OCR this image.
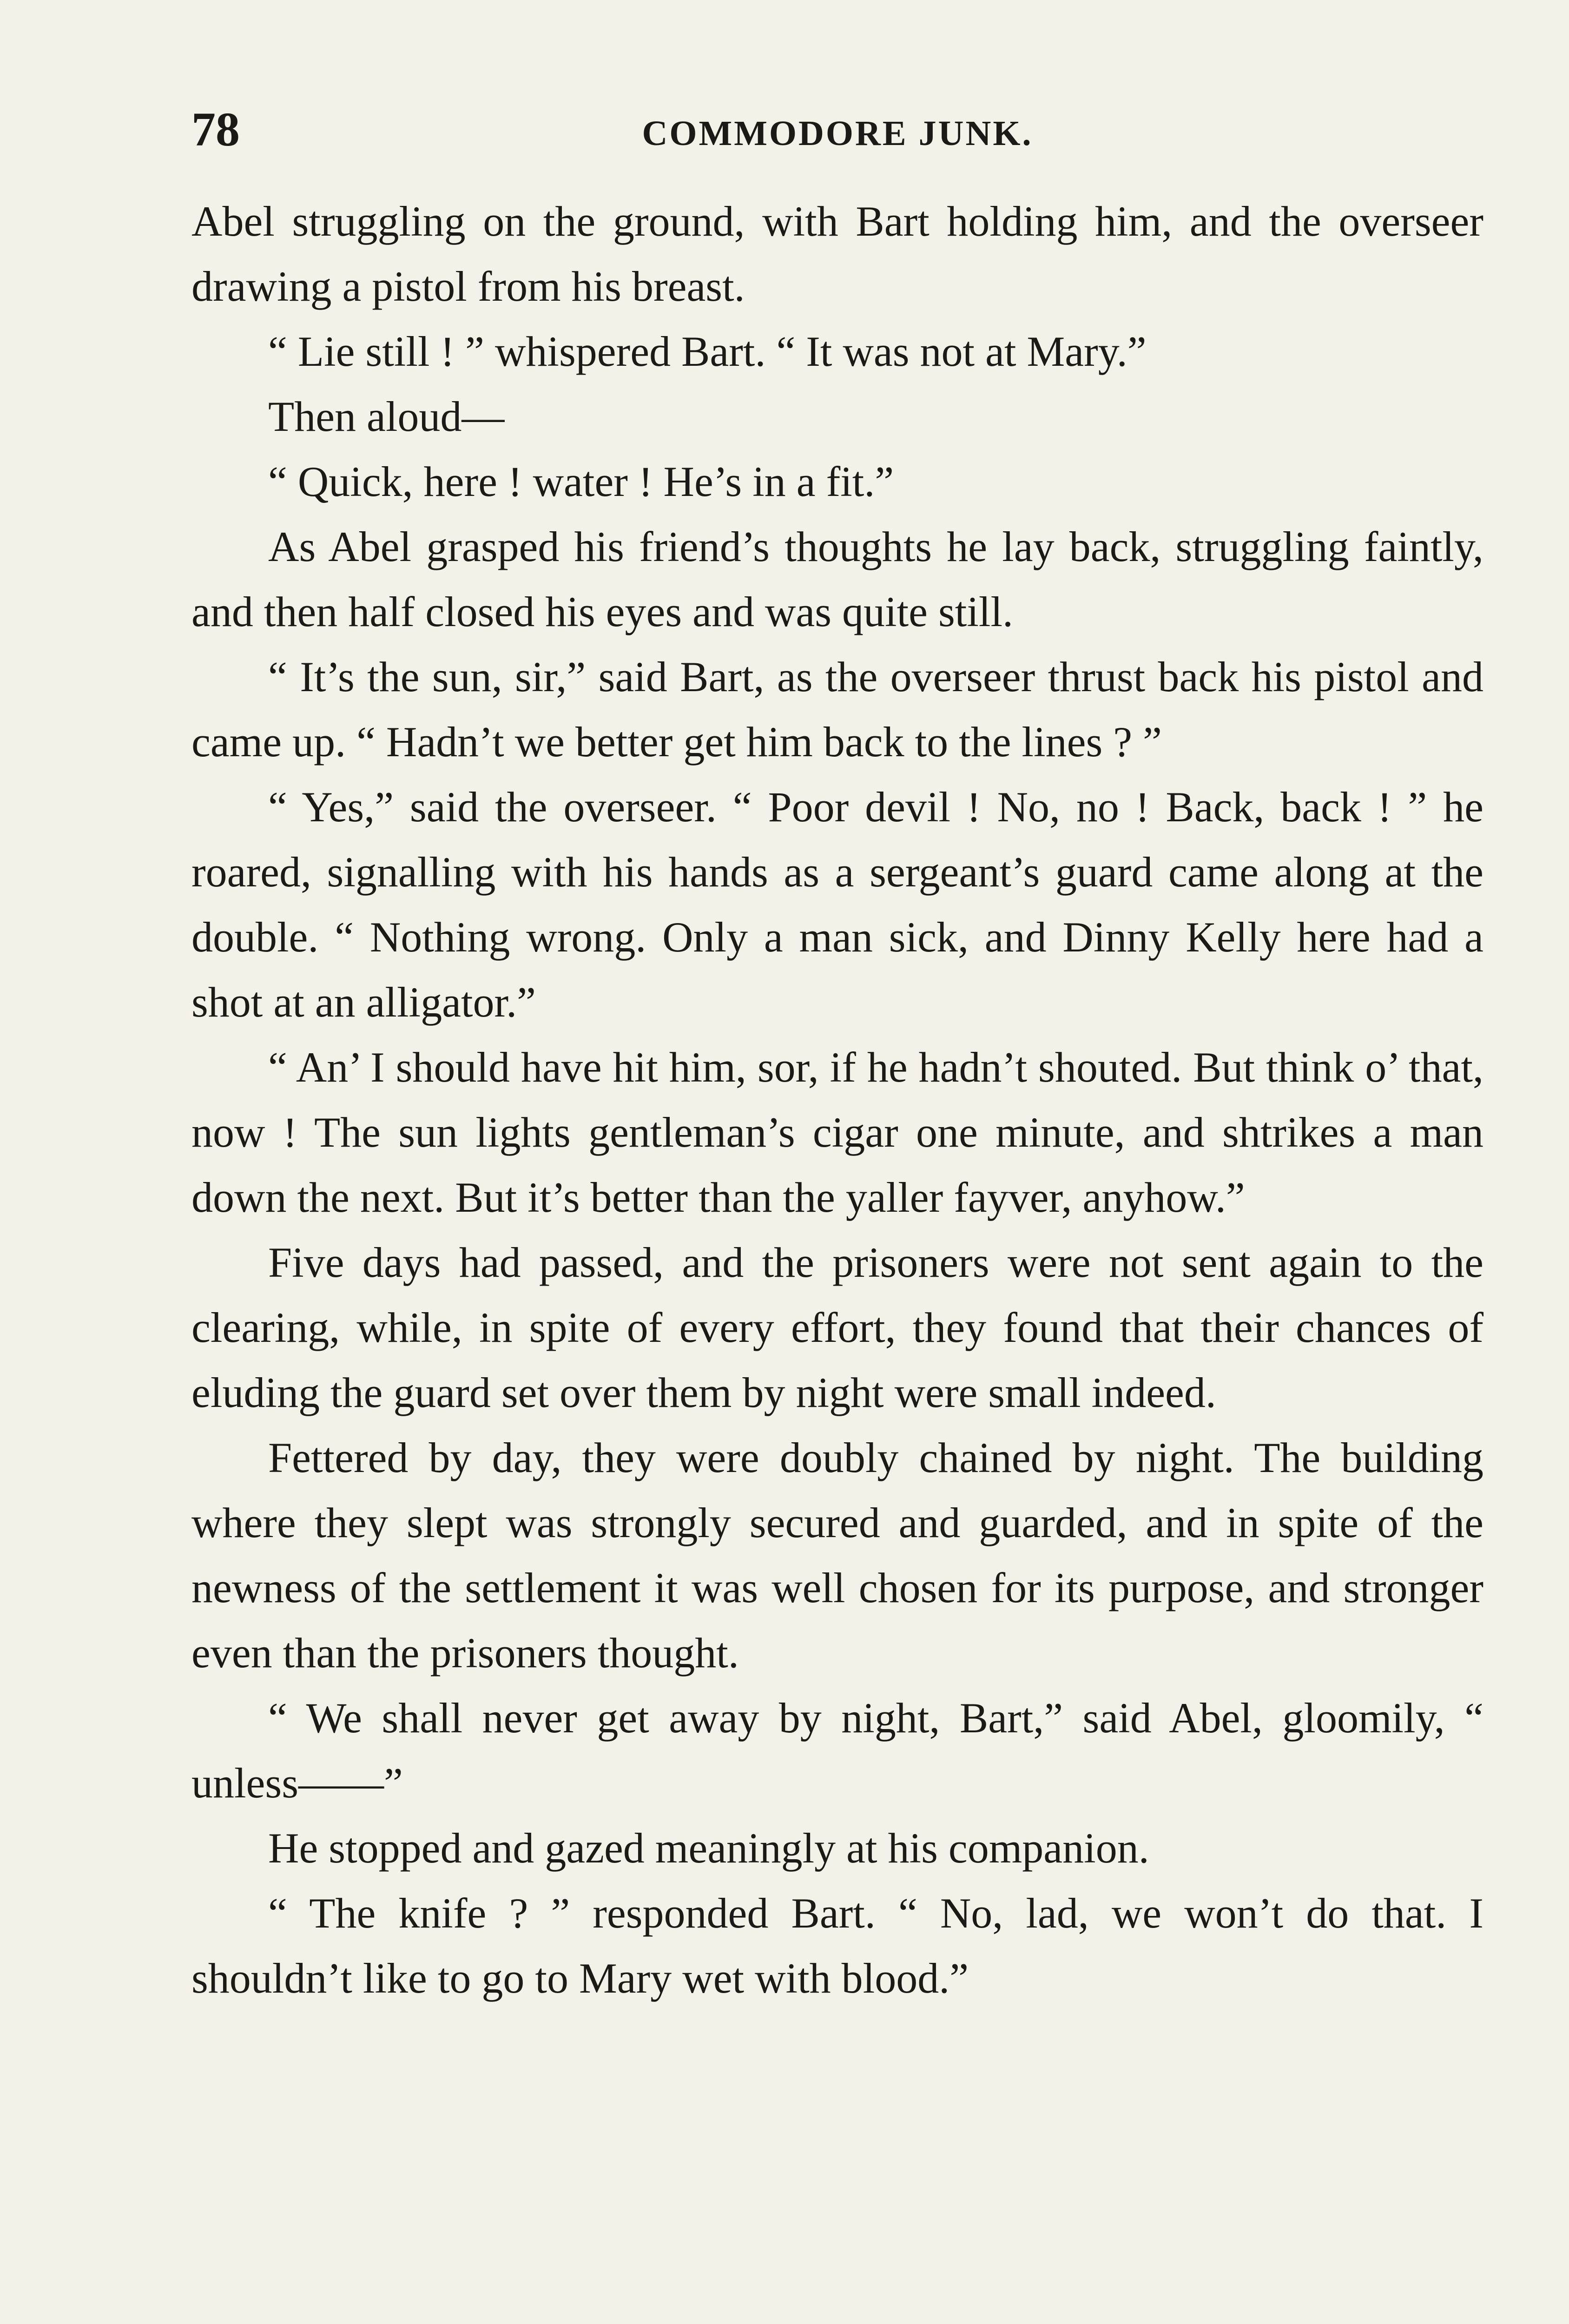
78	COMMODORE JUNK.

Abel struggling on the ground, with Bart holding him, and the overseer drawing a pistol from his breast.

“ Lie still ! ” whispered Bart. “ It was not at Mary.”

Then aloud—

“ Quick, here ! water ! He’s in a fit.”

As Abel grasped his friend’s thoughts he lay back, struggling faintly, and then half closed his eyes and was quite still.

“ It’s the sun, sir,” said Bart, as the overseer thrust back his pistol and came up. “ Hadn’t we better get him back to the lines ? ”

“ Yes,” said the overseer. “ Poor devil ! No, no ! Back, back ! ” he roared, signalling with his hands as a sergeant’s guard came along at the double. “ Nothing wrong. Only a man sick, and Dinny Kelly here had a shot at an alligator.”

“ An’ I should have hit him, sor, if he hadn’t shouted. But think o’ that, now ! The sun lights gentleman’s cigar one minute, and shtrikes a man down the next. But it’s better than the yaller fayver, anyhow.”

Five days had passed, and the prisoners were not sent again to the clearing, while, in spite of every effort, they found that their chances of eluding the guard set over them by night were small indeed.

Fettered by day, they were doubly chained by night. The building where they slept was strongly secured and guarded, and in spite of the newness of the settlement it was well chosen for its purpose, and stronger even than the prisoners thought.

“ We shall never get away by night, Bart,” said Abel, gloomily, “ unless——”

He stopped and gazed meaningly at his companion.

“ The knife ? ” responded Bart. “ No, lad, we won’t do that. I shouldn’t like to go to Mary wet with blood.”
